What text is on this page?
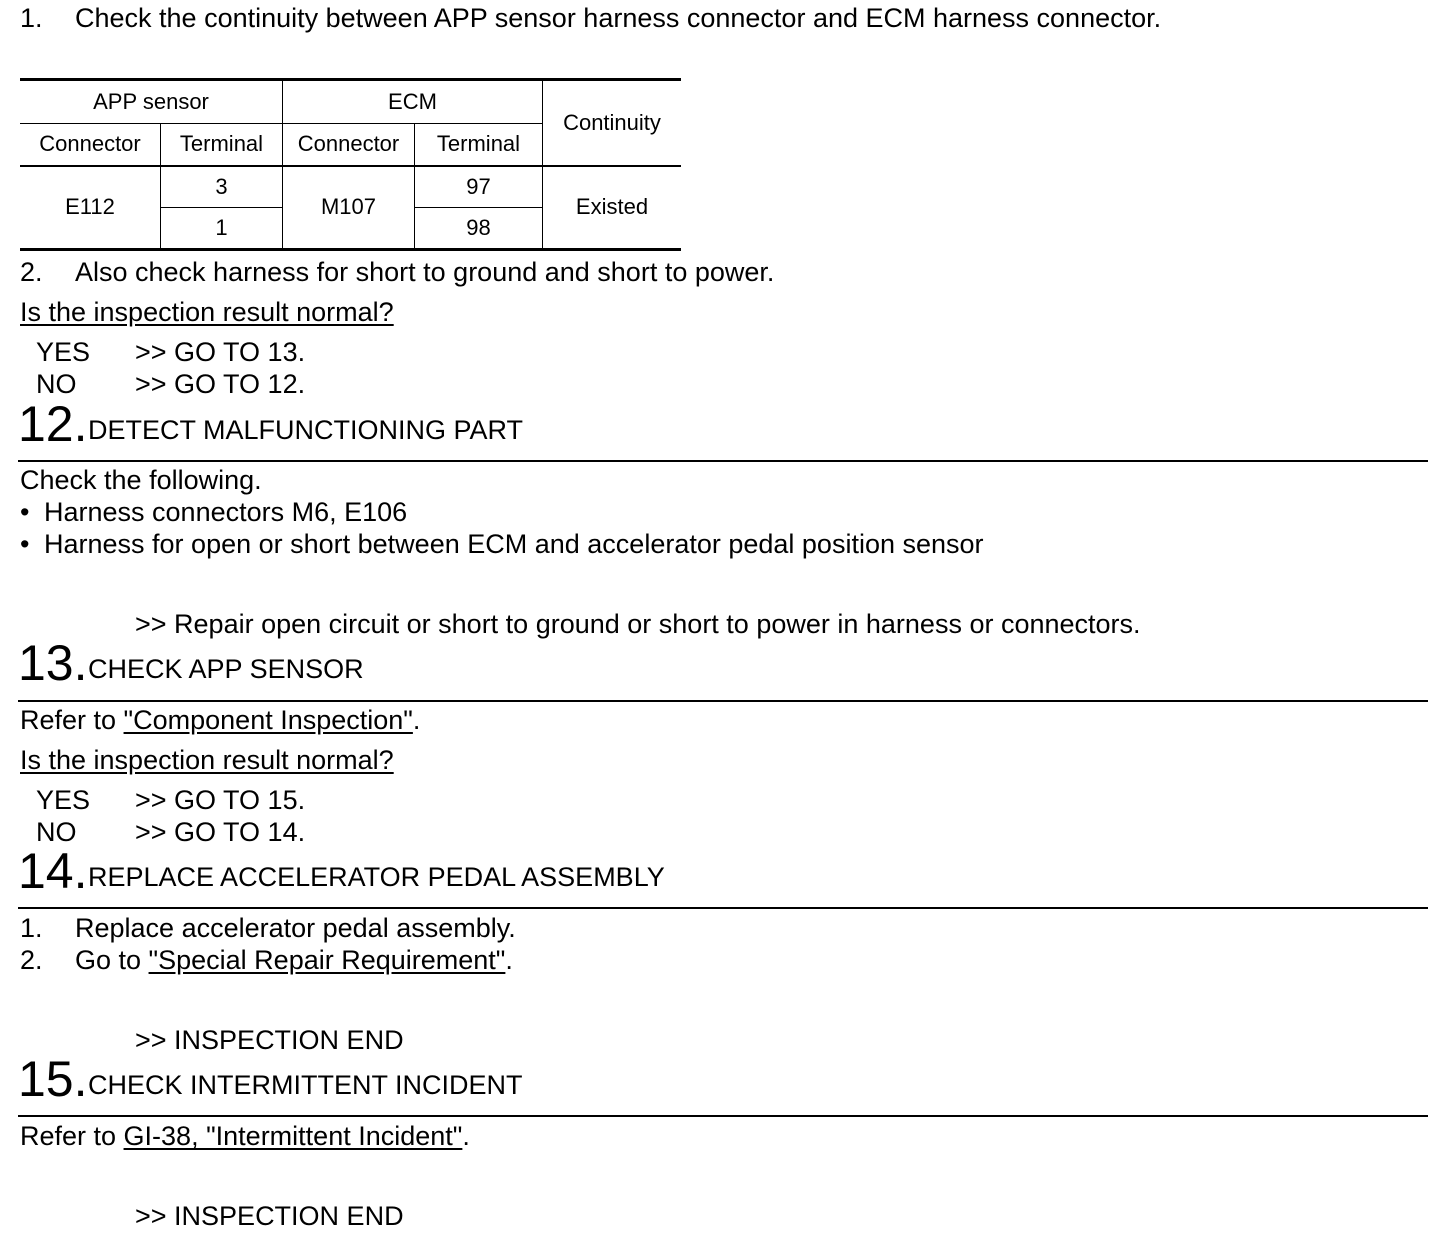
1. Check the continuity between APP sensor harness connector and ECM harness connector.
APP sensor		ECM		Continuity
Connector	Terminal	Connector	Terminal	
E112	3	M107	97	Existed
	1		98	
2. Also check harness for short to ground and short to power.
Is the inspection result normal?
YES >> GO TO 13.
NO >> GO TO 12.
12. DETECT MALFUNCTIONING PART
Check the following.
• Harness connectors M6, E106
• Harness for open or short between ECM and accelerator pedal position sensor
>> Repair open circuit or short to ground or short to power in harness or connectors.
13. CHECK APP SENSOR
Refer to "Component Inspection".
Is the inspection result normal?
YES >> GO TO 15.
NO >> GO TO 14.
14. REPLACE ACCELERATOR PEDAL ASSEMBLY
1. Replace accelerator pedal assembly.
2. Go to "Special Repair Requirement".
>> INSPECTION END
15. CHECK INTERMITTENT INCIDENT
Refer to GI-38, "Intermittent Incident".
>> INSPECTION END
